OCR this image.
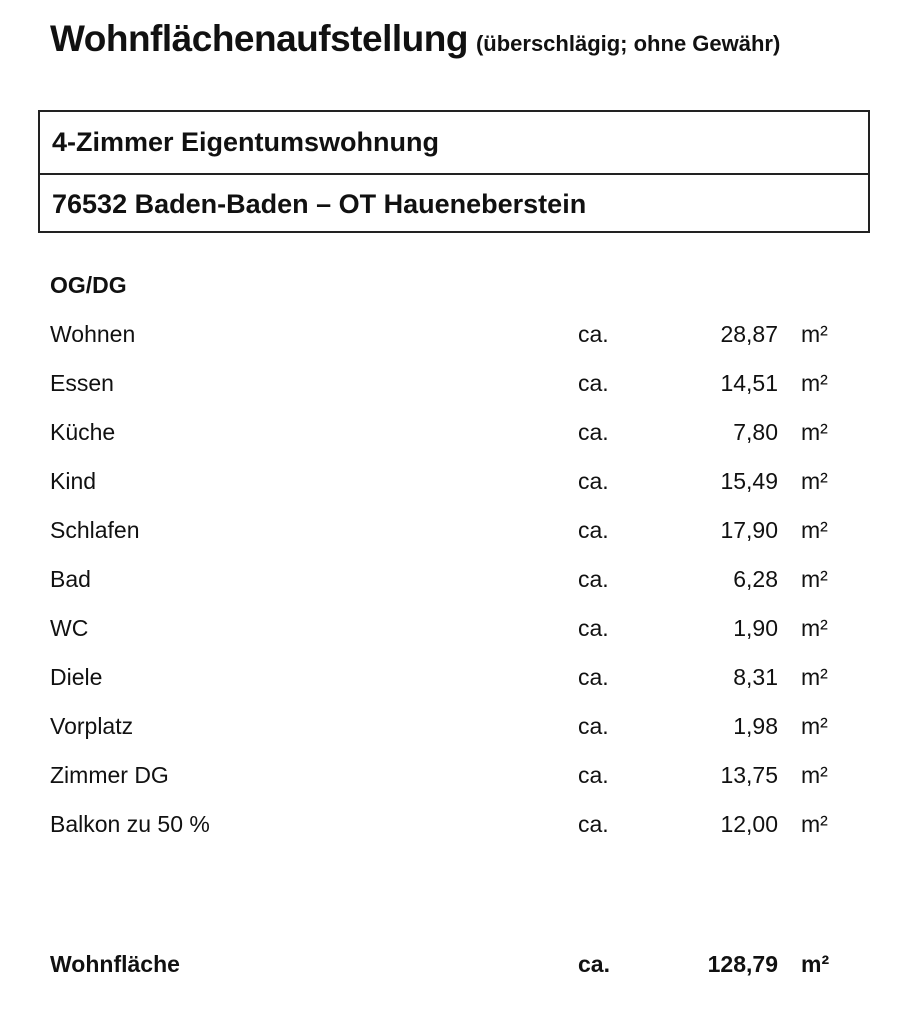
Wohnflächenaufstellung (überschlägig; ohne Gewähr)
4-Zimmer Eigentumswohnung
76532 Baden-Baden – OT Haueneberstein
OG/DG
Wohnen	ca.	28,87 m²
Essen	ca.	14,51 m²
Küche	ca.	7,80 m²
Kind	ca.	15,49 m²
Schlafen	ca.	17,90 m²
Bad	ca.	6,28 m²
WC	ca.	1,90 m²
Diele	ca.	8,31 m²
Vorplatz	ca.	1,98 m²
Zimmer DG	ca.	13,75 m²
Balkon zu 50 %	ca.	12,00 m²
Wohnfläche	ca.	128,79 m²
